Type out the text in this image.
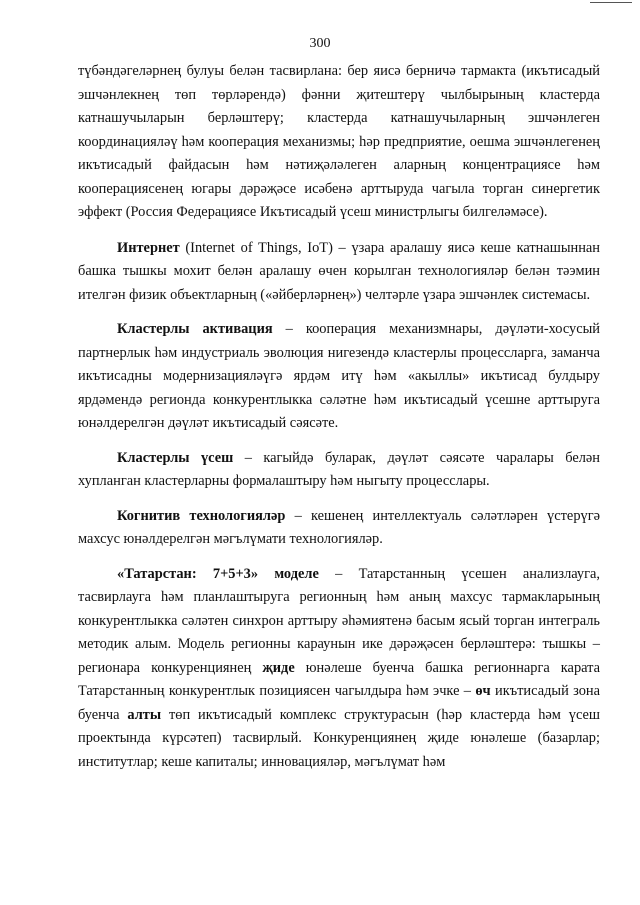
300

түбәндәгеләрнең булуы белән тасвирлана: бер яисә берничә тармакта (икътисадый эшчәнлекнең төп төрләрендә) фәнни җитештерү чылбырының кластерда катнашучыларын берләштерү; кластерда катнашучыларның эшчәнлеген координацияләү һәм кооперация механизмы; һәр предприятие, оешма эшчәнлегенең икътисадый файдасын һәм нәтиҗәләлеген аларның концентрациясе һәм кооперациясенең югары дәрәҗәсе исәбенә арттыруда чагыла торган синергетик эффект (Россия Федерациясе Икътисадый үсеш министрлыгы билгеләмәсе).

Интернет (Internet of Things, IoT) – үзара аралашу яисә кеше катнашыннан башка тышкы мохит белән аралашу өчен корылган технологияләр белән тәэмин ителгән физик объектларның («әйберләрнең») челтәрле үзара эшчәнлек системасы.

Кластерлы активация – кооперация механизмнары, дәүләти-хосусый партнерлык һәм индустриаль эволюция нигезендә кластерлы процессларга, заманча икътисадны модернизацияләүгә ярдәм итү һәм «акыллы» икътисад булдыру ярдәмендә регионда конкурентлыкка сәләтне һәм икътисадый үсешне арттыруга юнәлдерелгән дәүләт икътисадый сәясәте.

Кластерлы үсеш – кагыйдә буларак, дәүләт сәясәте чаралары белән хупланган кластерларны формалаштыру һәм ныгыту процесслары.

Когнитив технологияләр – кешенең интеллектуаль сәләтләрен үстерүгә махсус юнәлдерелгән мәгълүмати технологияләр.

«Татарстан: 7+5+3» моделе – Татарстанның үсешен анализлауга, тасвирлауга һәм планлаштыруга регионның һәм аның махсус тармакларының конкурентлыкка сәләтен синхрон арттыру әһәмиятенә басым ясый торган интеграль методик алым. Модель регионны караунын ике дәрәҗәсен берләштерә: тышкы – регионара конкуренциянең җиде юнәлеше буенча башка регионнарга карата Татарстанның конкурентлык позициясен чагылдыра һәм эчке – өч икътисадый зона буенча алты төп икътисадый комплекс структурасын (һәр кластерда һәм үсеш проектында күрсәтеп) тасвирлый. Конкуренциянең җиде юнәлеше (базарлар; институтлар; кеше капиталы; инновацияләр, мәгълүмат һәм
